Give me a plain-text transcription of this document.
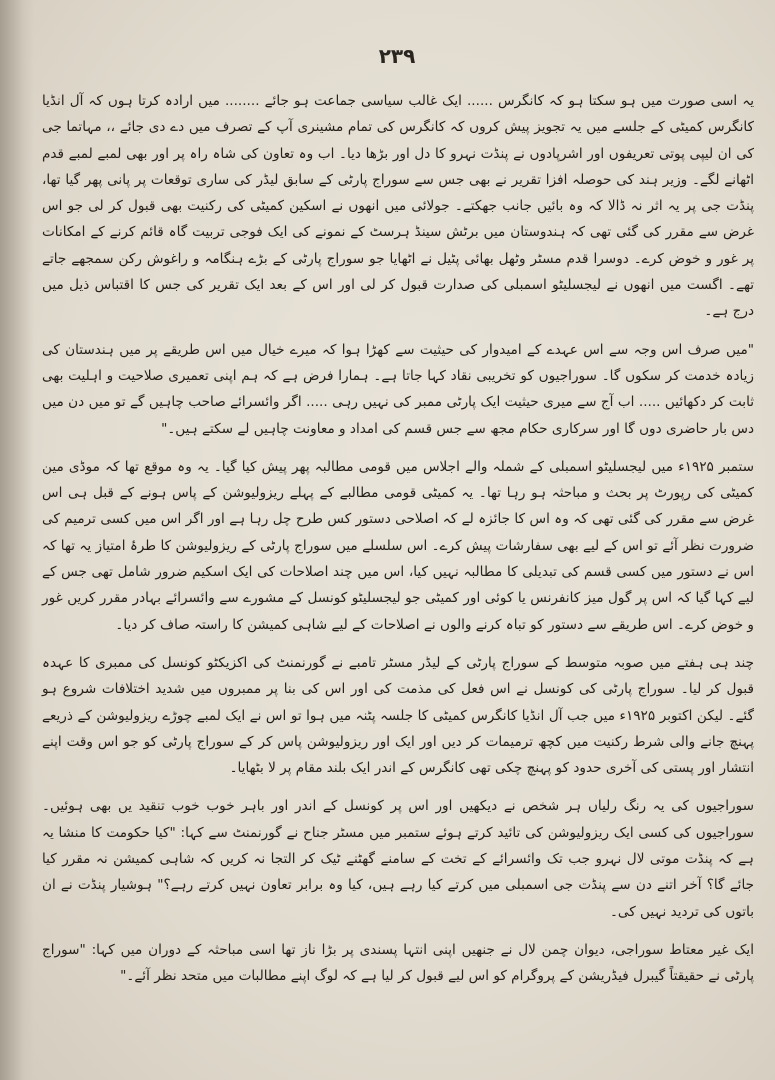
۲۳۹

یہ اسی صورت میں ہو سکتا ہو کہ کانگرس ...... ایک غالب سیاسی جماعت ہو جائے ........ میں ارادہ کرتا ہوں کہ آل انڈیا کانگرس کمیٹی کے جلسے میں یہ تجویز پیش کروں کہ کانگرس کی تمام مشینری آپ کے تصرف میں دے دی جائے ،، مہاتما جی کی ان لیپی پوتی تعریفوں اور اشرپادوں نے پنڈت نہرو کا دل اور بڑھا دیا۔ اب وہ تعاون کی شاہ راہ پر اور بھی لمبے لمبے قدم اٹھانے لگے۔ وزیر ہند کی حوصلہ افزا تقریر نے بھی جس سے سوراج پارٹی کے سابق لیڈر کی ساری توقعات پر پانی پھر گیا تھا، پنڈت جی پر یہ اثر نہ ڈالا کہ وہ بائیں جانب جھکتے۔ جولائی میں انھوں نے اسکین کمیٹی کی رکنیت بھی قبول کر لی جو اس غرض سے مقرر کی گئی تھی کہ ہندوستان میں برٹش سینڈ ہرسٹ کے نمونے کی ایک فوجی تربیت گاہ قائم کرنے کے امکانات پر غور و خوض کرے۔ دوسرا قدم مسٹر وٹھل بھائی پٹیل نے اٹھایا جو سوراج پارٹی کے بڑے ہنگامہ و راغوش رکن سمجھے جاتے تھے۔ اگست میں انھوں نے لیجسلیٹو اسمبلی کی صدارت قبول کر لی اور اس کے بعد ایک تقریر کی جس کا اقتباس ذیل میں درج ہے۔

"میں صرف اس وجہ سے اس عہدے کے امیدوار کی حیثیت سے کھڑا ہوا کہ میرے خیال میں اس طریقے پر میں ہندستان کی زیادہ خدمت کر سکوں گا۔ سوراجیوں کو تخریبی نقاد کہا جاتا ہے۔ ہمارا فرض ہے کہ ہم اپنی تعمیری صلاحیت و اہلیت بھی ثابت کر دکھائیں ..... اب آج سے میری حیثیت ایک پارٹی ممبر کی نہیں رہی ..... اگر وائسرائے صاحب چاہیں گے تو میں دن میں دس بار حاضری دوں گا اور سرکاری حکام مجھ سے جس قسم کی امداد و معاونت چاہیں لے سکتے ہیں۔"

ستمبر ۱۹۲۵ء میں لیجسلیٹو اسمبلی کے شملہ والے اجلاس میں قومی مطالبہ پھر پیش کیا گیا۔ یہ وہ موقع تھا کہ موڈی مین کمیٹی کی رپورٹ پر بحث و مباحثہ ہو رہا تھا۔ یہ کمیٹی قومی مطالبے کے پہلے ریزولیوشن کے پاس ہونے کے قبل ہی اس غرض سے مقرر کی گئی تھی کہ وہ اس کا جائزہ لے کہ اصلاحی دستور کس طرح چل رہا ہے اور اگر اس میں کسی ترمیم کی ضرورت نظر آئے تو اس کے لیے بھی سفارشات پیش کرے۔ اس سلسلے میں سوراج پارٹی کے ریزولیوشن کا طرۂ امتیاز یہ تھا کہ اس نے دستور میں کسی قسم کی تبدیلی کا مطالبہ نہیں کیا، اس میں چند اصلاحات کی ایک اسکیم ضرور شامل تھی جس کے لیے کہا گیا کہ اس پر گول میز کانفرنس یا کوئی اور کمیٹی جو لیجسلیٹو کونسل کے مشورے سے وائسرائے بہادر مقرر کریں غور و خوض کرے۔ اس طریقے سے دستور کو تباہ کرنے والوں نے اصلاحات کے لیے شاہی کمیشن کا راستہ صاف کر دیا۔

چند ہی ہفتے میں صوبہ متوسط کے سوراج پارٹی کے لیڈر مسٹر تامبے نے گورنمنٹ کی اکزیکٹو کونسل کی ممبری کا عہدہ قبول کر لیا۔ سوراج پارٹی کی کونسل نے اس فعل کی مذمت کی اور اس کی بنا پر ممبروں میں شدید اختلافات شروع ہو گئے۔ لیکن اکتوبر ۱۹۲۵ء میں جب آل انڈیا کانگرس کمیٹی کا جلسہ پٹنہ میں ہوا تو اس نے ایک لمبے چوڑے ریزولیوشن کے ذریعے پہنچ جانے والی شرط رکنیت میں کچھ ترمیمات کر دیں اور ایک اور ریزولیوشن پاس کر کے سوراج پارٹی کو جو اس وقت اپنے انتشار اور پستی کی آخری حدود کو پہنچ چکی تھی کانگرس کے اندر ایک بلند مقام پر لا بٹھایا۔

سوراجیوں کی یہ رنگ رلیاں ہر شخص نے دیکھیں اور اس پر کونسل کے اندر اور باہر خوب خوب تنقید یں بھی ہوئیں۔ سوراجیوں کی کسی ایک ریزولیوشن کی تائید کرتے ہوئے ستمبر میں مسٹر جناح نے گورنمنٹ سے کہا: "کیا حکومت کا منشا یہ ہے کہ پنڈت موتی لال نہرو جب تک وائسرائے کے تخت کے سامنے گھٹنے ٹیک کر التجا نہ کریں کہ شاہی کمیشن نہ مقرر کیا جائے گا؟ آخر اتنے دن سے پنڈت جی اسمبلی میں کرتے کیا رہے ہیں، کیا وہ برابر تعاون نہیں کرتے رہے؟" ہوشیار پنڈت نے ان باتوں کی تردید نہیں کی۔

ایک غیر معتاط سوراجی، دیوان چمن لال نے جنھیں اپنی انتہا پسندی پر بڑا ناز تھا اسی مباحثہ کے دوران میں کہا: "سوراج پارٹی نے حقیقتاً گیبرل فیڈریشن کے پروگرام کو اس لیے قبول کر لیا ہے کہ لوگ اپنے مطالبات میں متحد نظر آئے۔"
